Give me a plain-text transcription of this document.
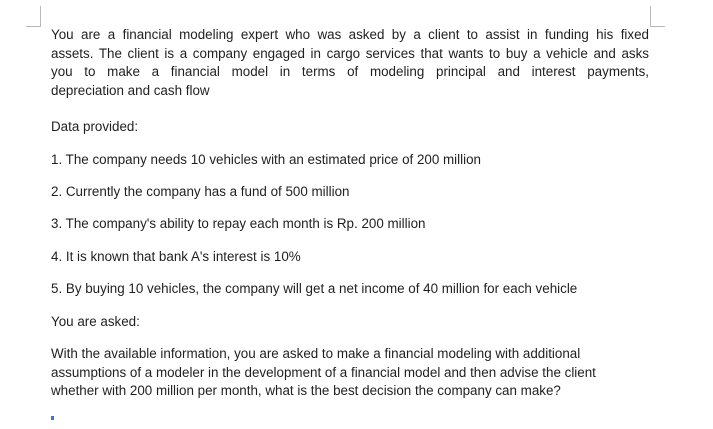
You are a financial modeling expert who was asked by a client to assist in funding his fixed
assets. The client is a company engaged in cargo services that wants to buy a vehicle and asks
you to make a financial model in terms of modeling principal and interest payments,
depreciation and cash flow
Data provided:
1. The company needs 10 vehicles with an estimated price of 200 million
2. Currently the company has a fund of 500 million
3. The company's ability to repay each month is Rp. 200 million
4. It is known that bank A's interest is 10%
5. By buying 10 vehicles, the company will get a net income of 40 million for each vehicle
You are asked:
With the available information, you are asked to make a financial modeling with additional
assumptions of a modeler in the development of a financial model and then advise the client
whether with 200 million per month, what is the best decision the company can make?
